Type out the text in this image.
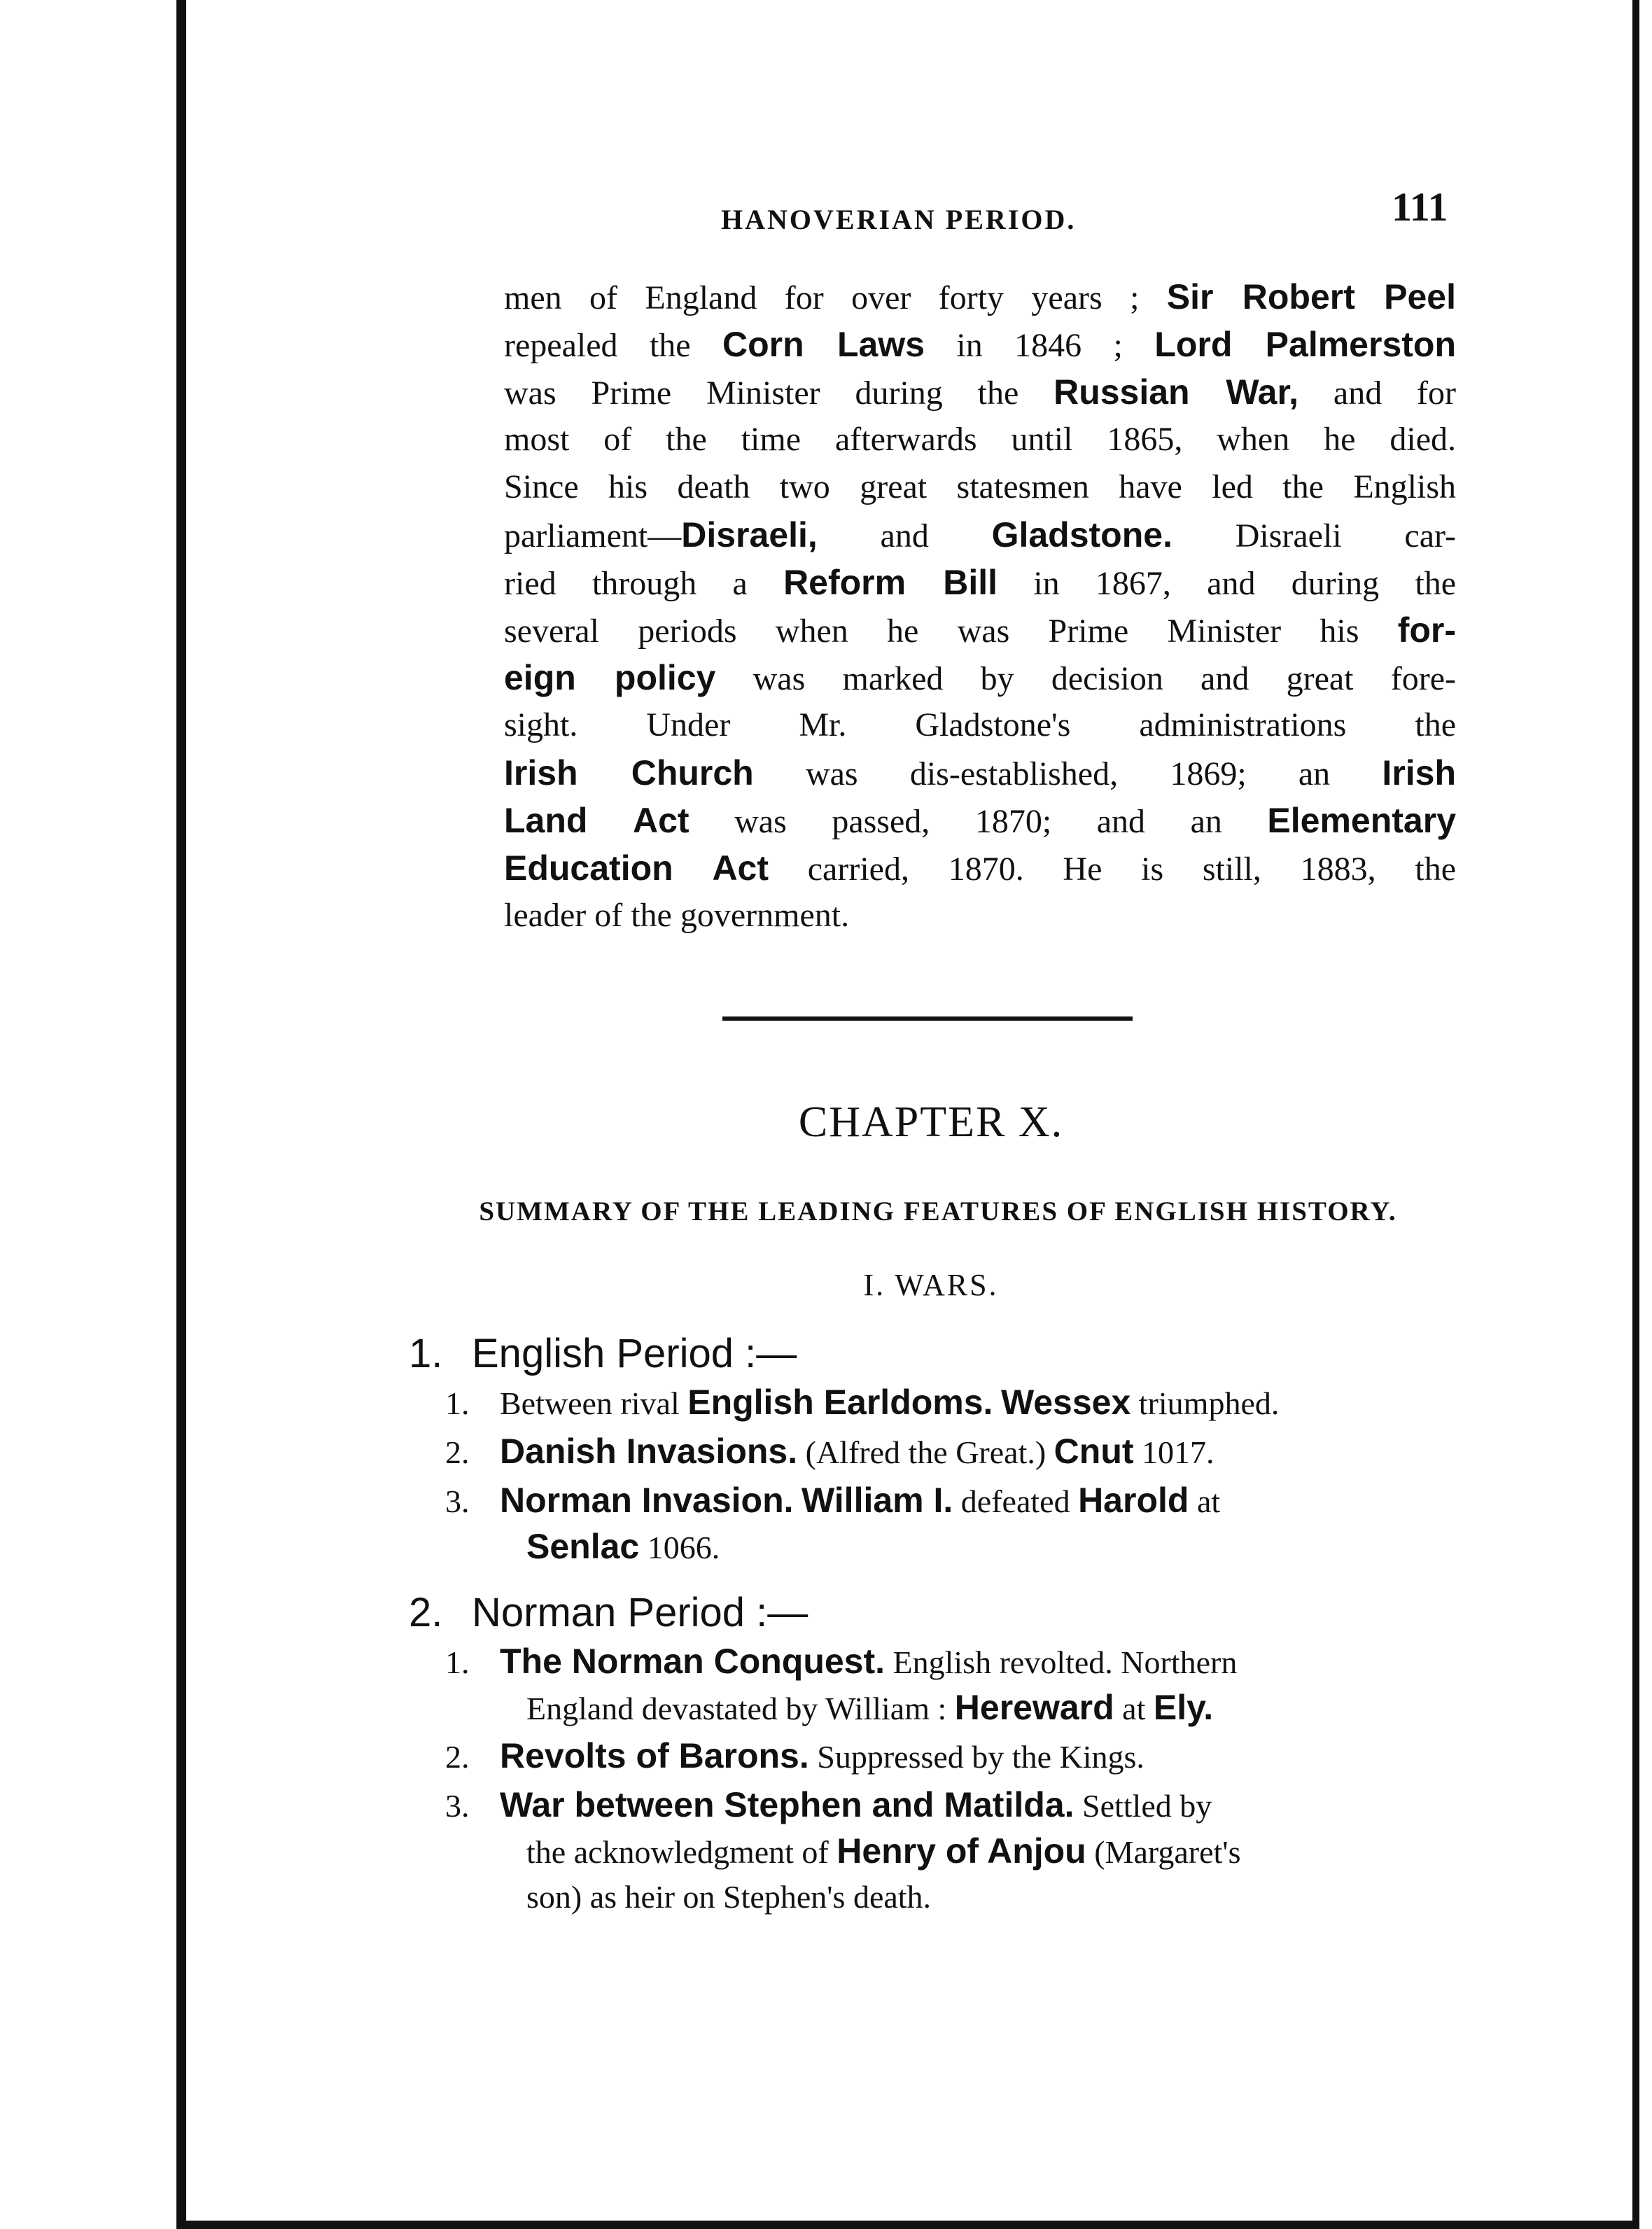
HANOVERIAN PERIOD.	111
men of England for over forty years ; Sir Robert Peel
repealed the Corn Laws in 1846 ; Lord Palmerston
was Prime Minister during the Russian War, and for
most of the time afterwards until 1865, when he died.
Since his death two great statesmen have led the English
parliament—Disraeli, and Gladstone. Disraeli car-
ried through a Reform Bill in 1867, and during the
several periods when he was Prime Minister his for-
eign policy was marked by decision and great fore-
sight. Under Mr. Gladstone's administrations the
Irish Church was dis-established, 1869; an Irish
Land Act was passed, 1870; and an Elementary
Education Act carried, 1870. He is still, 1883, the
leader of the government.
CHAPTER X.
SUMMARY OF THE LEADING FEATURES OF ENGLISH HISTORY.
I. WARS.
1. English Period :—
1. Between rival English Earldoms. Wessex triumphed.
2. Danish Invasions. (Alfred the Great.) Cnut 1017.
3. Norman Invasion. William I. defeated Harold at
Senlac 1066.
2. Norman Period :—
1. The Norman Conquest. English revolted. Northern
England devastated by William : Hereward at Ely.
2. Revolts of Barons. Suppressed by the Kings.
3. War between Stephen and Matilda. Settled by
the acknowledgment of Henry of Anjou (Margaret's
son) as heir on Stephen's death.
